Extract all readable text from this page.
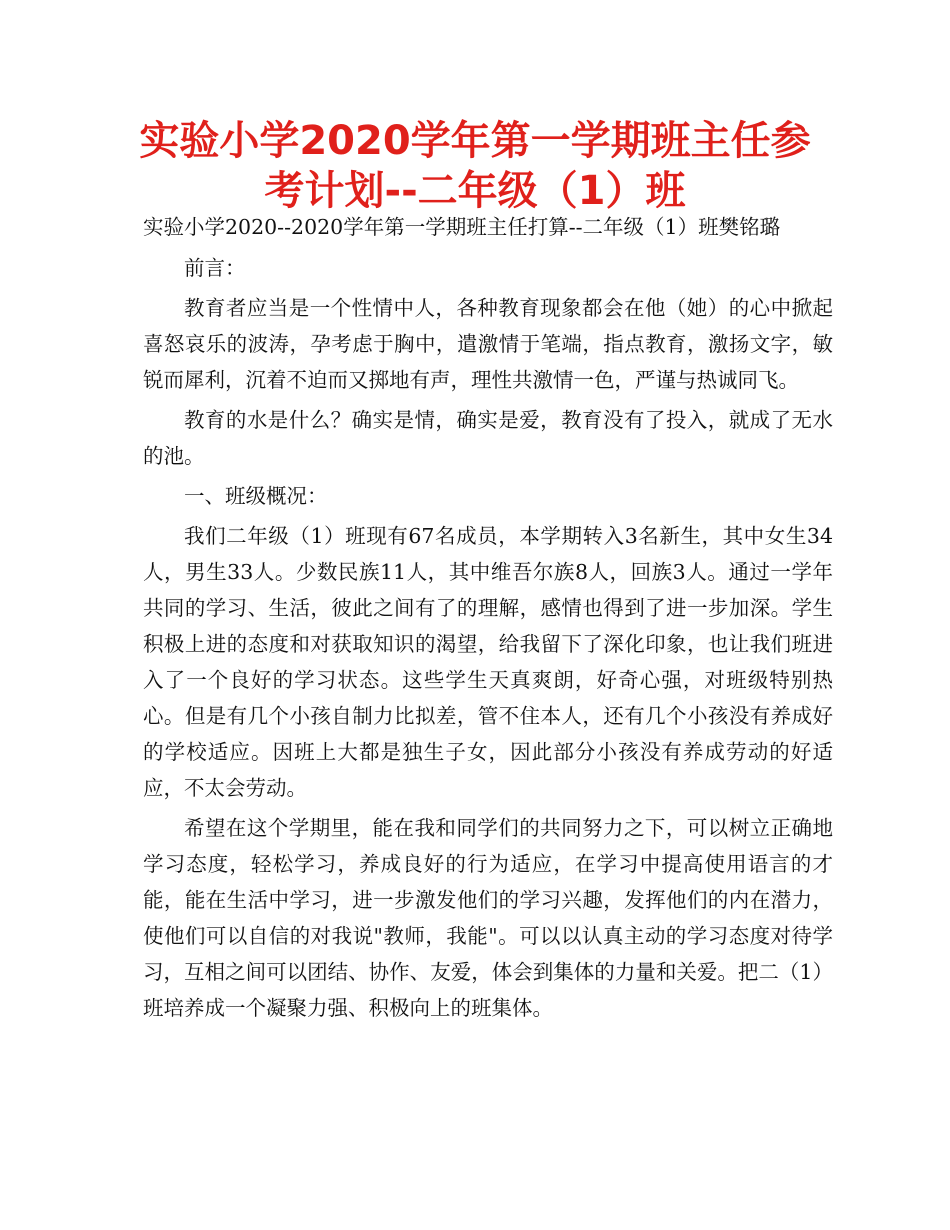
实验小学2020学年第一学期班主任参考计划--二年级（1）班

实验小学2020--2020学年第一学期班主任打算--二年级（1）班樊铭璐

前言：

教育者应当是一个性情中人，各种教育现象都会在他（她）的心中掀起喜怒哀乐的波涛，孕考虑于胸中，遣激情于笔端，指点教育，激扬文字，敏锐而犀利，沉着不迫而又掷地有声，理性共激情一色，严谨与热诚同飞。

教育的水是什么？确实是情，确实是爱，教育没有了投入，就成了无水的池。

一、班级概况：

我们二年级（1）班现有67名成员，本学期转入3名新生，其中女生34人，男生33人。少数民族11人，其中维吾尔族8人，回族3人。通过一学年共同的学习、生活，彼此之间有了的理解，感情也得到了进一步加深。学生积极上进的态度和对获取知识的渴望，给我留下了深化印象，也让我们班进入了一个良好的学习状态。这些学生天真爽朗，好奇心强，对班级特别热心。但是有几个小孩自制力比拟差，管不住本人，还有几个小孩没有养成好的学校适应。因班上大都是独生子女，因此部分小孩没有养成劳动的好适应，不太会劳动。

希望在这个学期里，能在我和同学们的共同努力之下，可以树立正确地学习态度，轻松学习，养成良好的行为适应，在学习中提高使用语言的才能，能在生活中学习，进一步激发他们的学习兴趣，发挥他们的内在潜力，使他们可以自信的对我说"教师，我能"。可以以认真主动的学习态度对待学习，互相之间可以团结、协作、友爱，体会到集体的力量和关爱。把二（1）班培养成一个凝聚力强、积极向上的班集体。
